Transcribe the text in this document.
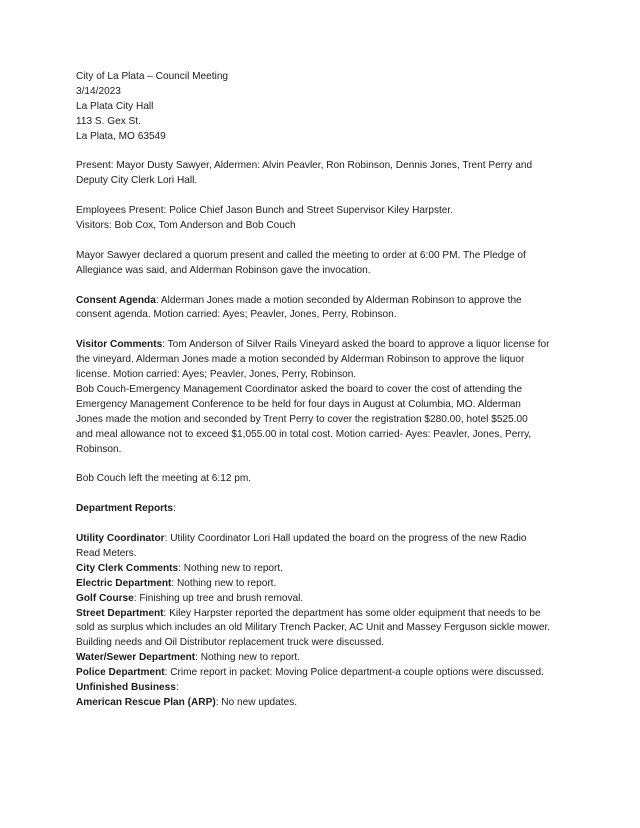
City of La Plata – Council Meeting
3/14/2023
La Plata City Hall
113 S. Gex St.
La Plata, MO 63549
Present: Mayor Dusty Sawyer, Aldermen: Alvin Peavler, Ron Robinson, Dennis Jones, Trent Perry and
Deputy City Clerk Lori Hall.
Employees Present: Police Chief Jason Bunch and Street Supervisor Kiley Harpster.
Visitors: Bob Cox, Tom Anderson and Bob Couch
Mayor Sawyer declared a quorum present and called the meeting to order at 6:00 PM. The Pledge of
Allegiance was said, and Alderman Robinson gave the invocation.
Consent Agenda: Alderman Jones made a motion seconded by Alderman Robinson to approve the
consent agenda. Motion carried: Ayes; Peavler, Jones, Perry, Robinson.
Visitor Comments: Tom Anderson of Silver Rails Vineyard asked the board to approve a liquor license for
the vineyard. Alderman Jones made a motion seconded by Alderman Robinson to approve the liquor
license. Motion carried: Ayes; Peavler, Jones, Perry, Robinson.
Bob Couch-Emergency Management Coordinator asked the board to cover the cost of attending the
Emergency Management Conference to be held for four days in August at Columbia, MO. Alderman
Jones made the motion and seconded by Trent Perry to cover the registration $280.00, hotel $525.00
and meal allowance not to exceed $1,055.00 in total cost. Motion carried- Ayes: Peavler, Jones, Perry,
Robinson.
Bob Couch left the meeting at 6:12 pm.
Department Reports:
Utility Coordinator: Utility Coordinator Lori Hall updated the board on the progress of the new Radio
Read Meters.
City Clerk Comments: Nothing new to report.
Electric Department: Nothing new to report.
Golf Course: Finishing up tree and brush removal.
Street Department: Kiley Harpster reported the department has some older equipment that needs to be
sold as surplus which includes an old Military Trench Packer, AC Unit and Massey Ferguson sickle mower.
Building needs and Oil Distributor replacement truck were discussed.
Water/Sewer Department: Nothing new to report.
Police Department: Crime report in packet: Moving Police department-a couple options were discussed.
Unfinished Business:
American Rescue Plan (ARP): No new updates.
